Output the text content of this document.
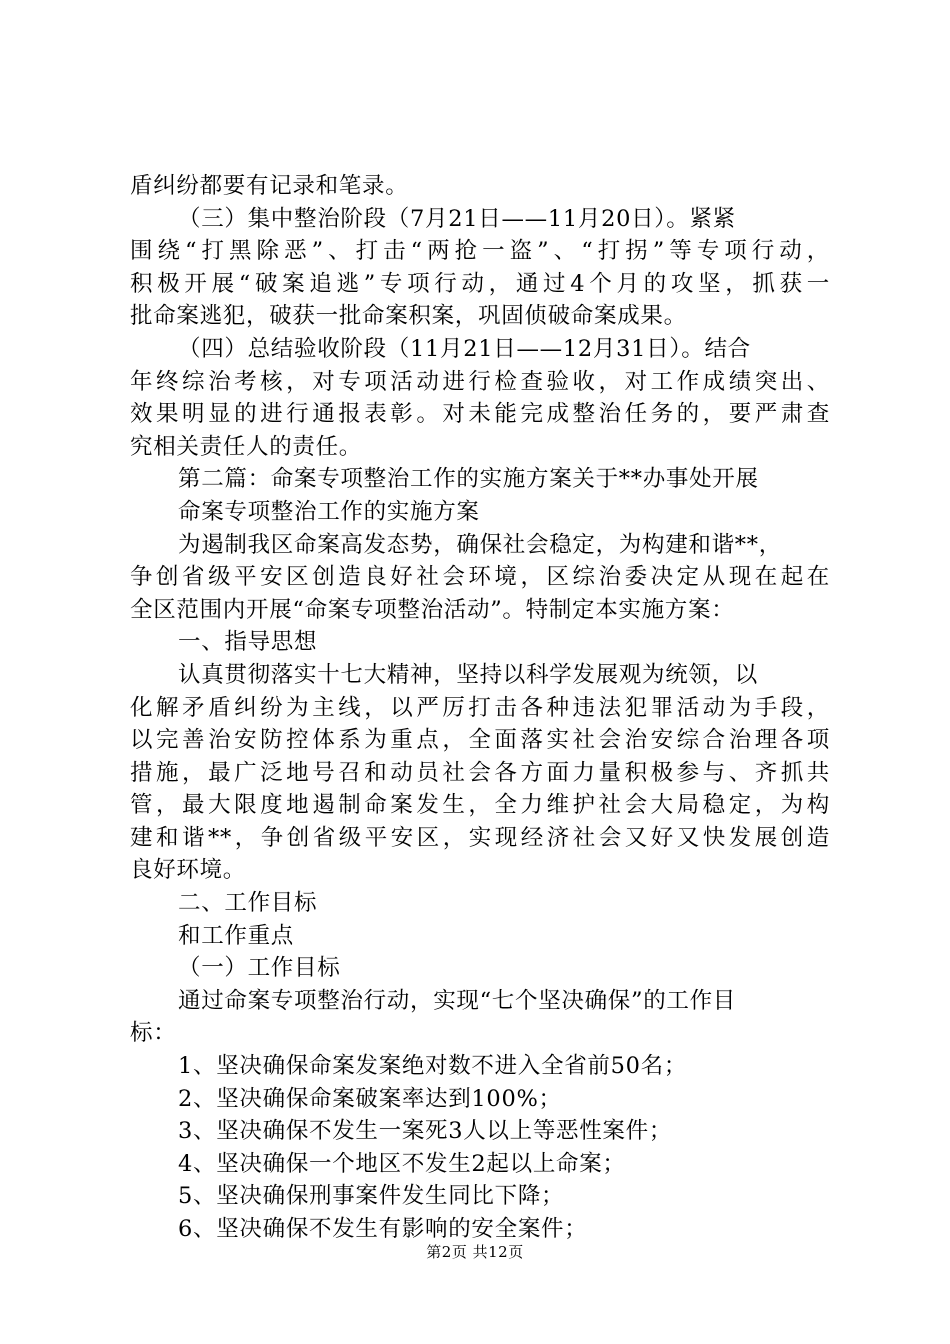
盾纠纷都要有记录和笔录。
（三）集中整治阶段（7月21日——11月20日）。紧紧
围绕“打黑除恶”、打击“两抢一盗”、“打拐”等专项行动，
积极开展“破案追逃”专项行动，通过4个月的攻坚，抓获一
批命案逃犯，破获一批命案积案，巩固侦破命案成果。
（四）总结验收阶段（11月21日——12月31日）。结合
年终综治考核，对专项活动进行检查验收，对工作成绩突出、
效果明显的进行通报表彰。对未能完成整治任务的，要严肃查
究相关责任人的责任。
第二篇：命案专项整治工作的实施方案关于**办事处开展
命案专项整治工作的实施方案
为遏制我区命案高发态势，确保社会稳定，为构建和谐**，
争创省级平安区创造良好社会环境，区综治委决定从现在起在
全区范围内开展“命案专项整治活动”。特制定本实施方案：
一、指导思想
认真贯彻落实十七大精神，坚持以科学发展观为统领，以
化解矛盾纠纷为主线，以严厉打击各种违法犯罪活动为手段，
以完善治安防控体系为重点，全面落实社会治安综合治理各项
措施，最广泛地号召和动员社会各方面力量积极参与、齐抓共
管，最大限度地遏制命案发生，全力维护社会大局稳定，为构
建和谐**，争创省级平安区，实现经济社会又好又快发展创造
良好环境。
二、工作目标
和工作重点
（一）工作目标
通过命案专项整治行动，实现“七个坚决确保”的工作目
标：
1、坚决确保命案发案绝对数不进入全省前50名；
2、坚决确保命案破案率达到100%；
3、坚决确保不发生一案死3人以上等恶性案件；
4、坚决确保一个地区不发生2起以上命案；
5、坚决确保刑事案件发生同比下降；
6、坚决确保不发生有影响的安全案件；
第2页 共12页
